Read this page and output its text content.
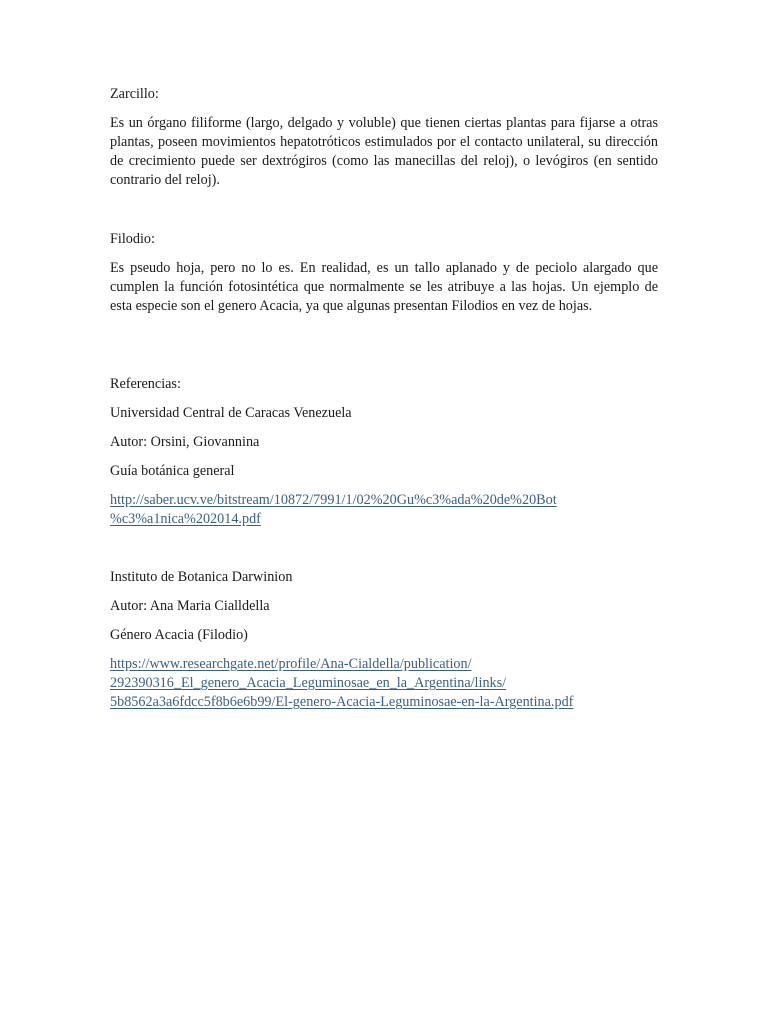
Zarcillo:

Es un órgano filiforme (largo, delgado y voluble) que tienen ciertas plantas para fijarse a otras plantas, poseen movimientos hepatotróticos estimulados por el contacto unilateral, su dirección de crecimiento puede ser dextrógiros (como las manecillas del reloj), o levógiros (en sentido contrario del reloj).

Filodio:

Es pseudo hoja, pero no lo es. En realidad, es un tallo aplanado y de peciolo alargado que cumplen la función fotosintética que normalmente se les atribuye a las hojas. Un ejemplo de esta especie son el genero Acacia, ya que algunas presentan Filodios en vez de hojas.

Referencias:

Universidad Central de Caracas Venezuela

Autor: Orsini, Giovannina

Guía botánica general

http://saber.ucv.ve/bitstream/10872/7991/1/02%20Gu%c3%ada%20de%20Bot
%c3%a1nica%202014.pdf

Instituto de Botanica Darwinion

Autor: Ana Maria Cialldella

Género Acacia (Filodio)

https://www.researchgate.net/profile/Ana-Cialdella/publication/
292390316_El_genero_Acacia_Leguminosae_en_la_Argentina/links/
5b8562a3a6fdcc5f8b6e6b99/El-genero-Acacia-Leguminosae-en-la-Argentina.pdf
